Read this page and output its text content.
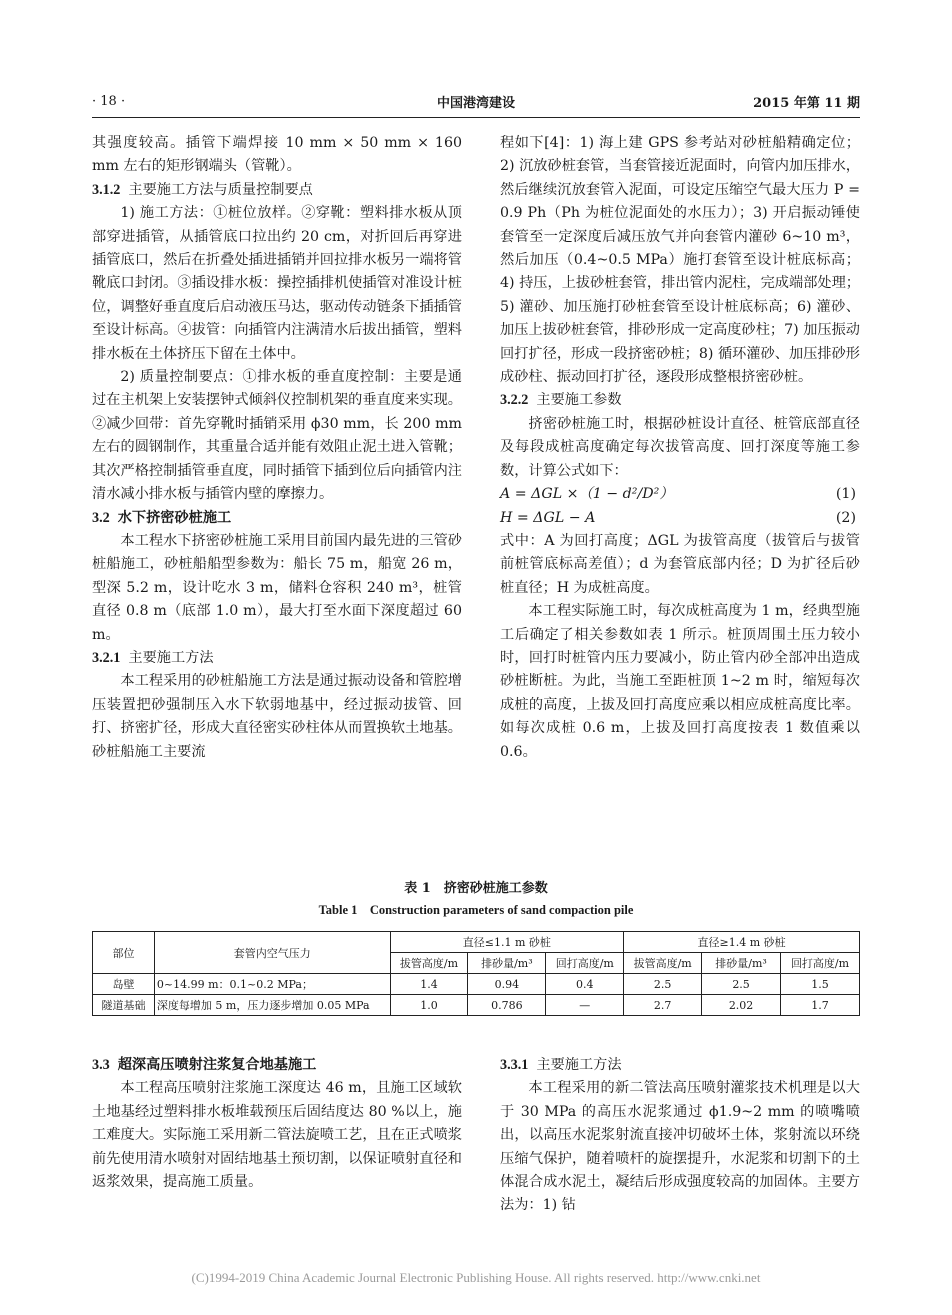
· 18 ·	中国港湾建设	2015 年第 11 期

其强度较高。插管下端焊接 10 mm × 50 mm × 160 mm 左右的矩形钢端头（管靴）。

3.1.2 主要施工方法与质量控制要点

1) 施工方法：①桩位放样。②穿靴：塑料排水板从顶部穿进插管，从插管底口拉出约 20 cm，对折回后再穿进插管底口，然后在折叠处插进插销并回拉排水板另一端将管靴底口封闭。③插设排水板：操控插排机使插管对准设计桩位，调整好垂直度后启动液压马达，驱动传动链条下插插管至设计标高。④拔管：向插管内注满清水后拔出插管，塑料排水板在土体挤压下留在土体中。

2) 质量控制要点：①排水板的垂直度控制：主要是通过在主机架上安装摆钟式倾斜仪控制机架的垂直度来实现。②减少回带：首先穿靴时插销采用 ϕ30 mm，长 200 mm 左右的圆钢制作，其重量合适并能有效阻止泥土进入管靴；其次严格控制插管垂直度，同时插管下插到位后向插管内注清水减小排水板与插管内壁的摩擦力。

3.2 水下挤密砂桩施工

本工程水下挤密砂桩施工采用目前国内最先进的三管砂桩船施工，砂桩船船型参数为：船长 75 m，船宽 26 m，型深 5.2 m，设计吃水 3 m，储料仓容积 240 m³，桩管直径 0.8 m（底部 1.0 m），最大打至水面下深度超过 60 m。

3.2.1 主要施工方法

本工程采用的砂桩船施工方法是通过振动设备和管腔增压装置把砂强制压入水下软弱地基中，经过振动拔管、回打、挤密扩径，形成大直径密实砂柱体从而置换软土地基。砂桩船施工主要流

程如下[4]：1) 海上建 GPS 参考站对砂桩船精确定位；2) 沉放砂桩套管，当套管接近泥面时，向管内加压排水，然后继续沉放套管入泥面，可设定压缩空气最大压力 P = 0.9 Ph（Ph 为桩位泥面处的水压力）；3) 开启振动锤使套管至一定深度后减压放气并向套管内灌砂 6~10 m³，然后加压（0.4~0.5 MPa）施打套管至设计桩底标高；4) 持压，上拔砂桩套管，排出管内泥柱，完成端部处理；5) 灌砂、加压施打砂桩套管至设计桩底标高；6) 灌砂、加压上拔砂桩套管，排砂形成一定高度砂柱；7) 加压振动回打扩径，形成一段挤密砂桩；8) 循环灌砂、加压排砂形成砂柱、振动回打扩径，逐段形成整根挤密砂桩。

3.2.2 主要施工参数

挤密砂桩施工时，根据砂桩设计直径、桩管底部直径及每段成桩高度确定每次拔管高度、回打深度等施工参数，计算公式如下：

A = ΔGL ×（1 − d²/D²）	(1)
H = ΔGL − A	(2)

式中：A 为回打高度；ΔGL 为拔管高度（拔管后与拔管前桩管底标高差值）；d 为套管底部内径；D 为扩径后砂桩直径；H 为成桩高度。

本工程实际施工时，每次成桩高度为 1 m，经典型施工后确定了相关参数如表 1 所示。桩顶周围土压力较小时，回打时桩管内压力要减小，防止管内砂全部冲出造成砂桩断桩。为此，当施工至距桩顶 1~2 m 时，缩短每次成桩的高度，上拔及回打高度应乘以相应成桩高度比率。如每次成桩 0.6 m，上拔及回打高度按表 1 数值乘以 0.6。

表 1　挤密砂桩施工参数
Table 1　Construction parameters of sand compaction pile
部位	套管内空气压力	直径≤1.1 m 砂桩			直径≥1.4 m 砂桩		
		拔管高度/m	排砂量/m³	回打高度/m	拔管高度/m	排砂量/m³	回打高度/m
岛壁	0~14.99 m：0.1~0.2 MPa；	1.4	0.94	0.4	2.5	2.5	1.5
隧道基础	深度每增加 5 m，压力逐步增加 0.05 MPa	1.0	0.786	—	2.7	2.02	1.7
3.3 超深高压喷射注浆复合地基施工

本工程高压喷射注浆施工深度达 46 m，且施工区域软土地基经过塑料排水板堆载预压后固结度达 80 %以上，施工难度大。实际施工采用新二管法旋喷工艺，且在正式喷浆前先使用清水喷射对固结地基土预切割，以保证喷射直径和返浆效果，提高施工质量。

3.3.1 主要施工方法

本工程采用的新二管法高压喷射灌浆技术机理是以大于 30 MPa 的高压水泥浆通过 ϕ1.9~2 mm 的喷嘴喷出，以高压水泥浆射流直接冲切破坏土体，浆射流以环绕压缩气保护，随着喷杆的旋摆提升，水泥浆和切割下的土体混合成水泥土，凝结后形成强度较高的加固体。主要方法为：1) 钻

(C)1994-2019 China Academic Journal Electronic Publishing House. All rights reserved. http://www.cnki.net
